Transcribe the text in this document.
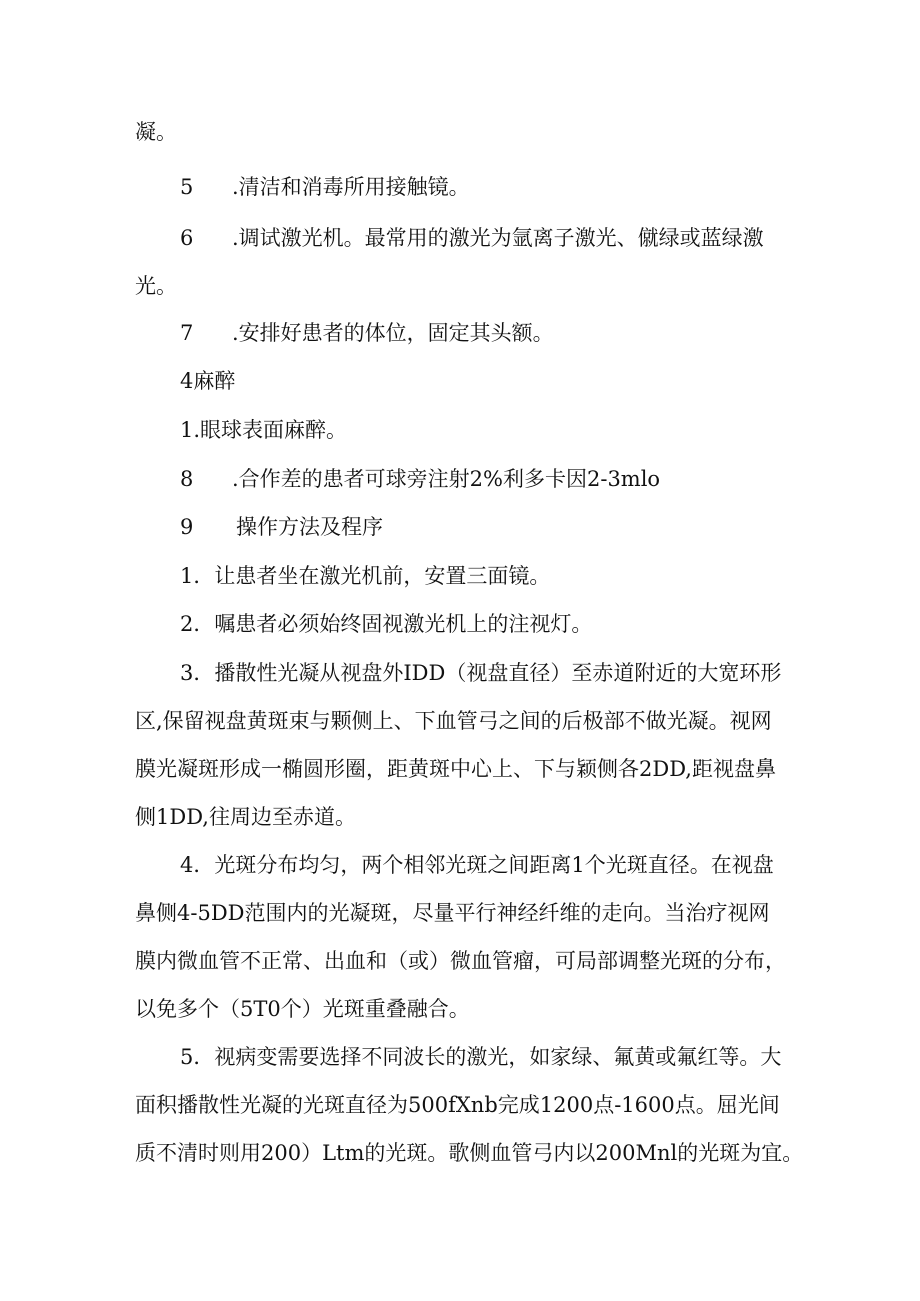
凝。
5 .清洁和消毒所用接触镜。
6 .调试激光机。最常用的激光为氩离子激光、僦绿或蓝绿激
光。
7 .安排好患者的体位，固定其头额。
4麻醉
1.眼球表面麻醉。
8 .合作差的患者可球旁注射2%利多卡因2-3mlo
9 操作方法及程序
1．让患者坐在激光机前，安置三面镜。
2．嘱患者必须始终固视激光机上的注视灯。
3．播散性光凝从视盘外IDD（视盘直径）至赤道附近的大宽环形
区,保留视盘黄斑束与颗侧上、下血管弓之间的后极部不做光凝。视网
膜光凝斑形成一椭圆形圈，距黄斑中心上、下与颖侧各2DD,距视盘鼻
侧1DD,往周边至赤道。
4．光斑分布均匀，两个相邻光斑之间距离1个光斑直径。在视盘
鼻侧4-5DD范围内的光凝斑，尽量平行神经纤维的走向。当治疗视网
膜内微血管不正常、出血和（或）微血管瘤，可局部调整光斑的分布，
以免多个（5T0个）光斑重叠融合。
5．视病变需要选择不同波长的激光，如家绿、氟黄或氟红等。大
面积播散性光凝的光斑直径为500fXnb完成1200点-1600点。屈光间
质不清时则用200）Ltm的光斑。歌侧血管弓内以200Mnl的光斑为宜。
